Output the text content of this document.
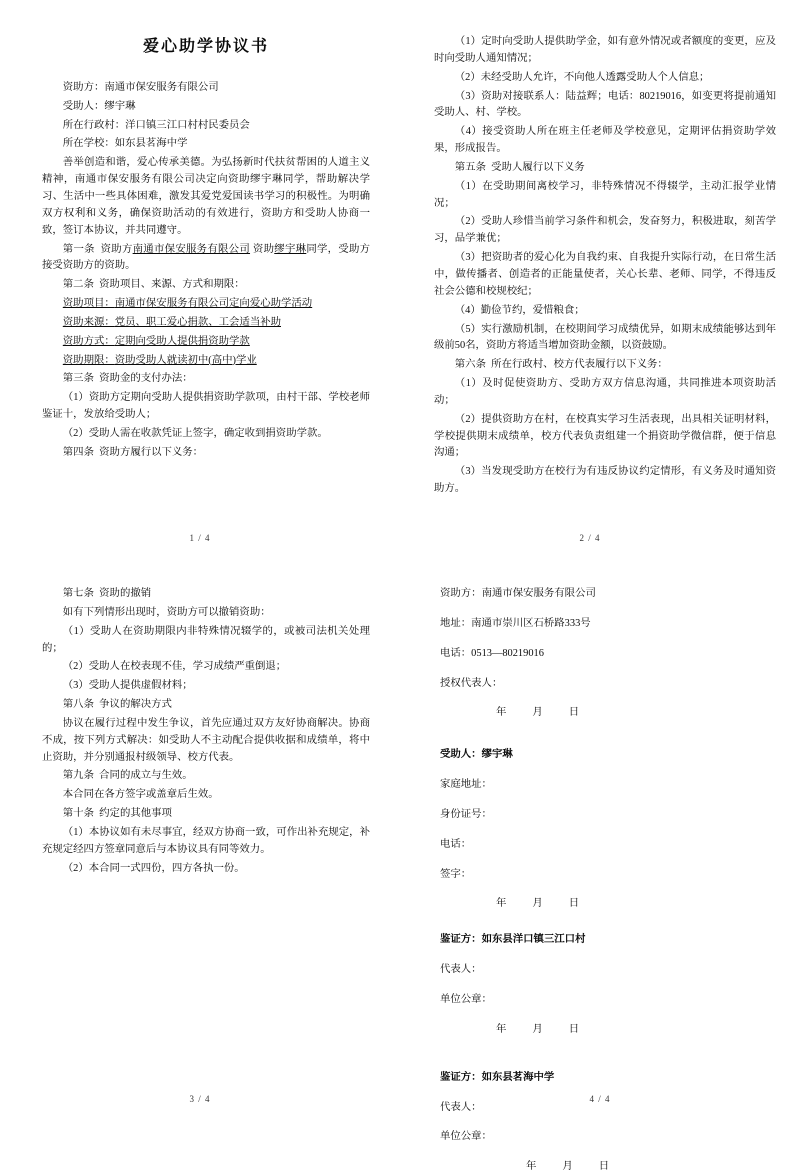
爱心助学协议书

资助方：南通市保安服务有限公司

受助人：缪宇琳

所在行政村：洋口镇三江口村村民委员会

所在学校：如东县茗海中学

善举创造和谐，爱心传承美德。为弘扬新时代扶贫帮困的人道主义精神，南通市保安服务有限公司决定向资助缪宇琳同学，帮助解决学习、生活中一些具体困难，激发其爱党爱国读书学习的积极性。为明确双方权利和义务，确保资助活动的有效进行，资助方和受助人协商一致，签订本协议，并共同遵守。

第一条 资助方南通市保安服务有限公司 资助缪宇琳同学，受助方接受资助方的资助。

第二条 资助项目、来源、方式和期限：

资助项目：南通市保安服务有限公司定向爱心助学活动

资助来源：党员、职工爱心捐款、工会适当补助

资助方式：定期向受助人提供捐资助学款

资助期限：资助受助人就读初中(高中)学业

第三条 资助金的支付办法：

（1）资助方定期向受助人提供捐资助学款项，由村干部、学校老师鉴证十，发放给受助人；

（2）受助人需在收款凭证上签字，确定收到捐资助学款。

第四条 资助方履行以下义务：

1 / 4

（1）定时向受助人提供助学金，如有意外情况或者额度的变更，应及时向受助人通知情况；

（2）未经受助人允许，不向他人透露受助人个人信息；

（3）资助对接联系人：陆益辉；电话：80219016，如变更将提前通知受助人、村、学校。

（4）接受资助人所在班主任老师及学校意见，定期评估捐资助学效果，形成报告。

第五条 受助人履行以下义务

（1）在受助期间离校学习，非特殊情况不得辍学，主动汇报学业情况；

（2）受助人珍惜当前学习条件和机会，发奋努力，积极进取，刻苦学习，品学兼优；

（3）把资助者的爱心化为自我约束、自我提升实际行动，在日常生活中，做传播者、创造者的正能量使者，关心长辈、老师、同学，不得违反社会公德和校规校纪；

（4）勤俭节约，爱惜粮食；

（5）实行激励机制，在校期间学习成绩优异，如期末成绩能够达到年级前50名，资助方将适当增加资助金额，以资鼓励。

第六条 所在行政村、校方代表履行以下义务：

（1）及时促使资助方、受助方双方信息沟通，共同推进本项资助活动；

（2）提供资助方在村，在校真实学习生活表现，出具相关证明材料，学校提供期末成绩单，校方代表负责组建一个捐资助学微信群，便于信息沟通；

（3）当发现受助方在校行为有违反协议约定情形，有义务及时通知资助方。

2 / 4

第七条 资助的撤销

如有下列情形出现时，资助方可以撤销资助：

（1）受助人在资助期限内非特殊情况辍学的，或被司法机关处理的；

（2）受助人在校表现不佳，学习成绩严重倒退；

（3）受助人提供虚假材料；

第八条 争议的解决方式

协议在履行过程中发生争议，首先应通过双方友好协商解决。协商不成，按下列方式解决：如受助人不主动配合提供收据和成绩单，将中止资助，并分别通报村级领导、校方代表。

第九条 合同的成立与生效。

本合同在各方签字或盖章后生效。

第十条 约定的其他事项

（1）本协议如有未尽事宜，经双方协商一致，可作出补充规定，补充规定经四方签章同意后与本协议具有同等效力。

（2）本合同一式四份，四方各执一份。

3 / 4

资助方：南通市保安服务有限公司

地址：南通市崇川区石桥路333号

电话：0513—80219016

授权代表人：

年	月	日

受助人：缪宇琳

家庭地址：

身份证号：

电话：

签字：

年	月	日

鉴证方：如东县洋口镇三江口村

代表人：

单位公章：

年	月	日

鉴证方：如东县茗海中学

代表人：

单位公章：

年	月	日

4 / 4
